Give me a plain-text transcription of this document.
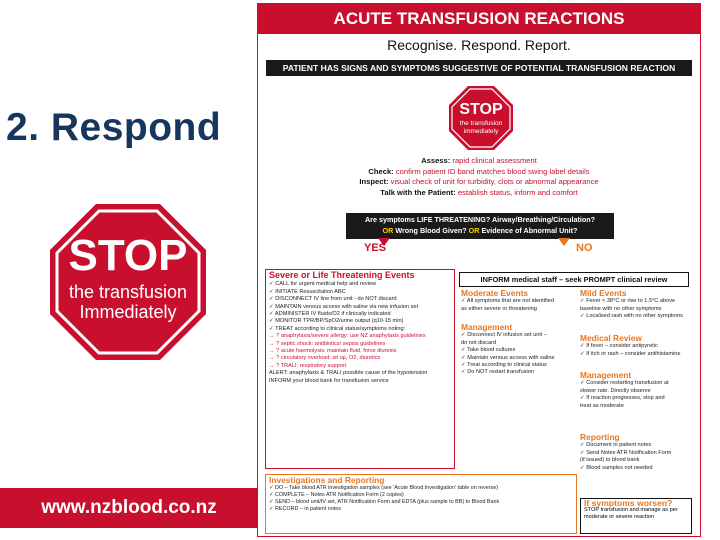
2. Respond
STOP
the transfusion
Immediately
www.nzblood.co.nz
ACUTE TRANSFUSION REACTIONS
Recognise. Respond. Report.
PATIENT HAS SIGNS AND SYMPTOMS SUGGESTIVE OF POTENTIAL TRANSFUSION REACTION
STOP
the transfusion
immediately
Assess: rapid clinical assessment
Check: confirm patient ID band matches blood swing label details
Inspect: visual check of unit for turbidity, clots or abnormal appearance
Talk with the Patient: establish status, inform and comfort
Are symptoms LIFE THREATENING? Airway/Breathing/Circulation?
OR Wrong Blood Given? OR Evidence of Abnormal Unit?
YES	NO
Severe or Life Threatening Events
✓ CALL for urgent medical help and review
✓ INITIATE Resuscitation ABC
✓ DISCONNECT IV line from unit - do NOT discard
✓ MAINTAIN venous access with saline via new infusion set
✓ ADMINISTER IV fluids/O2 if clinically indicated
✓ MONITOR TPR/BP/SpO2/urine output (q10-15 min)
✓ TREAT according to clinical status/symptoms noting:
→ ? anaphylaxis/severe allergy: use NZ anaphylaxis guidelines
→ ? septic shock: antibiotics/ sepsis guidelines
→ ? acute haemolysis: maintain fluid, force diuresis
→ ? circulatory overload: sit up, O2, diuretics
→ ? TRALI: respiratory support
ALERT: anaphylaxis & TRALI possible cause of the hypotension
INFORM your blood bank for transfusion service
INFORM medical staff – seek PROMPT clinical review
Moderate Events
✓ All symptoms that are not identified
as either severe or threatening
Management
✓ Disconnect IV infusion set unit –
do not discard
✓ Take blood cultures
✓ Maintain venous access with saline
✓ Treat according to clinical status
✓ Do NOT restart transfusion
Mild Events
✓ Fever < 38°C or rise to 1.5°C above
baseline with no other symptoms
✓ Localised rash with no other symptoms
Medical Review
✓ If fever – consider antipyretic
✓ If itch or rash – consider antihistamine
Management
✓ Consider restarting transfusion at
slower rate. Directly observe
✓ If reaction progresses, stop and
treat as moderate
Reporting
✓ Document in patient notes
✓ Send Notes ATR Notification Form
(if issued) to blood bank
✓ Blood samples not needed
If symptoms worsen?
STOP transfusion and manage as per
moderate or severe reaction
Investigations and Reporting
✓ DO – Take blood ATR investigation samples (see 'Acute Blood Investigation' table on reverse)
✓ COMPLETE – Notes ATR Notification Form (2 copies)
✓ SEND – blood unit/IV set, ATR Notification Form and EDTA (plus sample to BB) to Blood Bank
✓ RECORD – in patient notes
